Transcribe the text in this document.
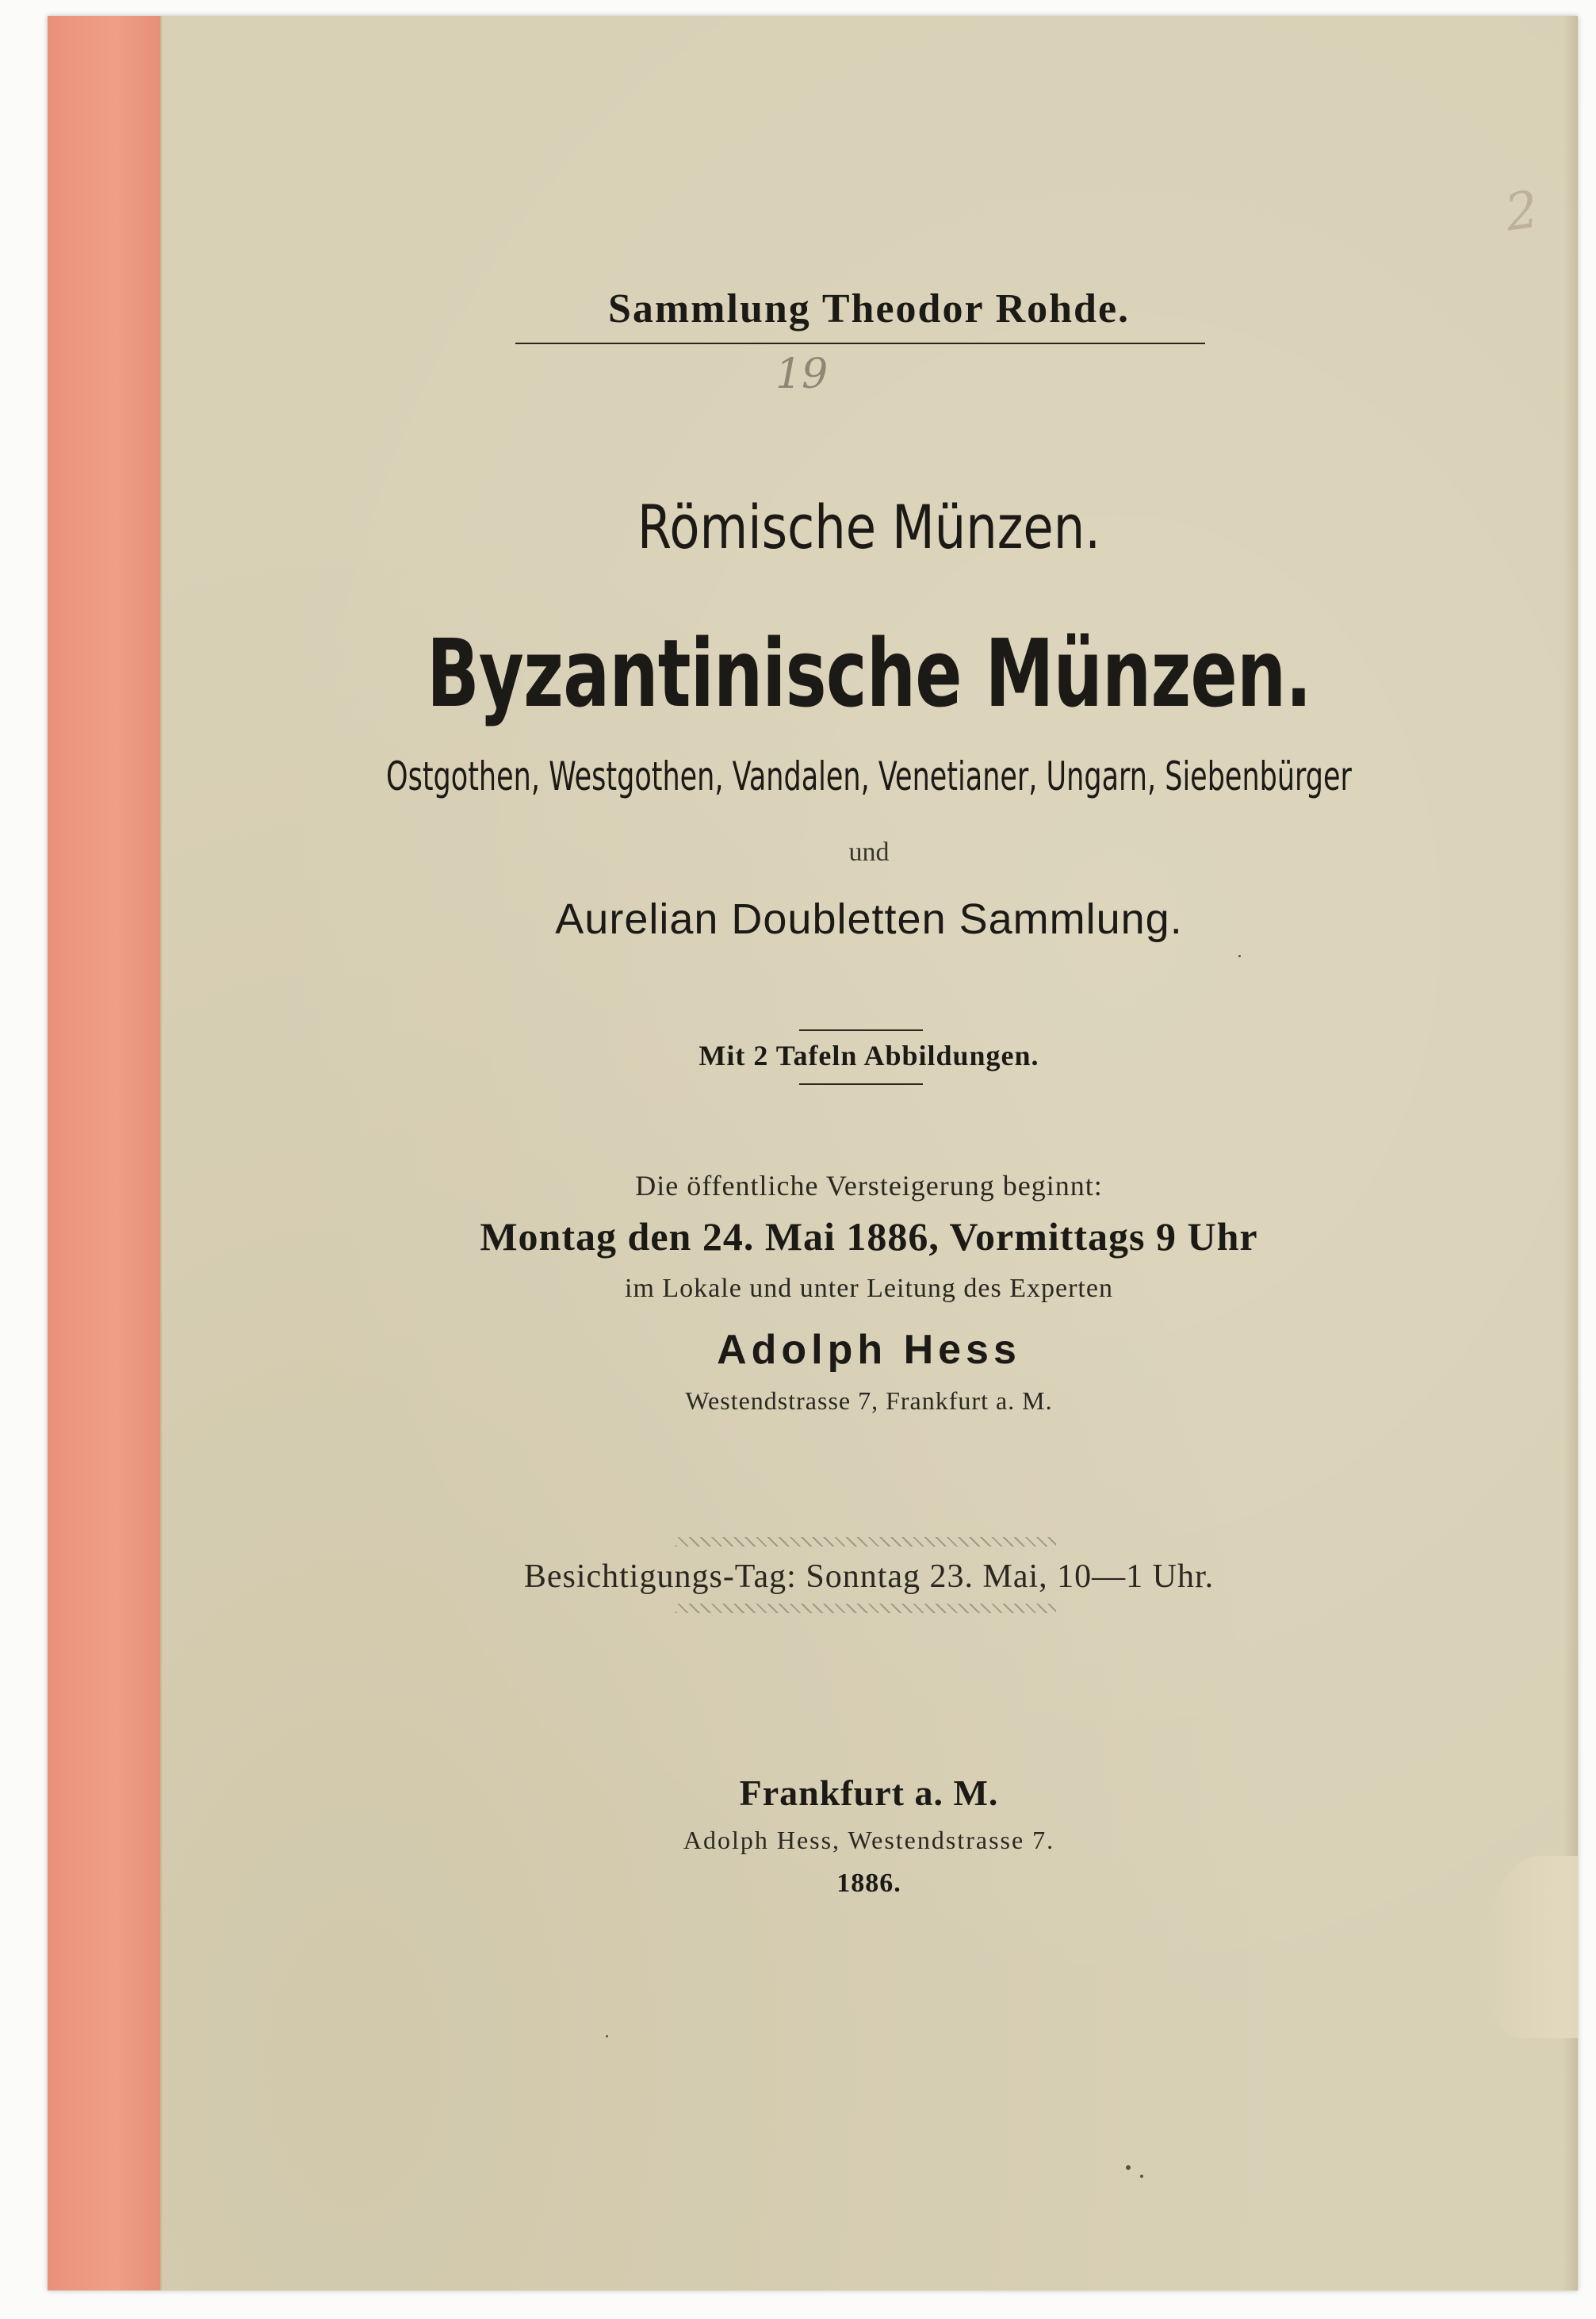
2
Sammlung Theodor Rohde.
19
Römische Münzen.
Byzantinische Münzen.
Ostgothen, Westgothen, Vandalen, Venetianer, Ungarn, Siebenbürger
und
Aurelian Doubletten Sammlung.
Mit 2 Tafeln Abbildungen.
Die öffentliche Versteigerung beginnt:
Montag den 24. Mai 1886, Vormittags 9 Uhr
im Lokale und unter Leitung des Experten
Adolph Hess
Westendstrasse 7, Frankfurt a. M.
Besichtigungs-Tag: Sonntag 23. Mai, 10—1 Uhr.
Frankfurt a. M.
Adolph Hess, Westendstrasse 7.
1886.
